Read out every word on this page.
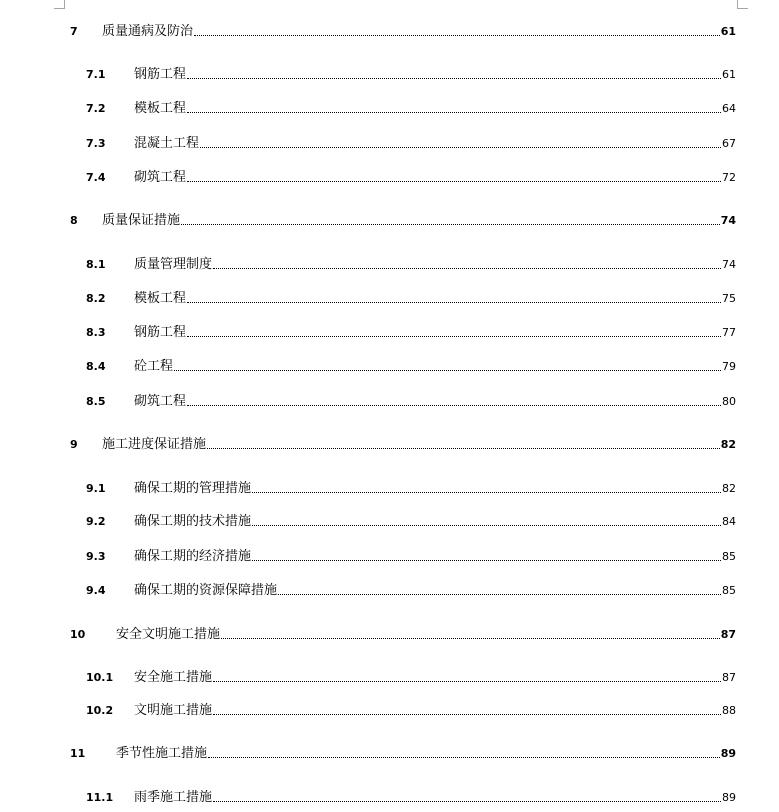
7	质量通病及防治	61
7.1	钢筋工程	61
7.2	模板工程	64
7.3	混凝土工程	67
7.4	砌筑工程	72
8	质量保证措施	74
8.1	质量管理制度	74
8.2	模板工程	75
8.3	钢筋工程	77
8.4	砼工程	79
8.5	砌筑工程	80
9	施工进度保证措施	82
9.1	确保工期的管理措施	82
9.2	确保工期的技术措施	84
9.3	确保工期的经济措施	85
9.4	确保工期的资源保障措施	85
10	安全文明施工措施	87
10.1	安全施工措施	87
10.2	文明施工措施	88
11	季节性施工措施	89
11.1	雨季施工措施	89
